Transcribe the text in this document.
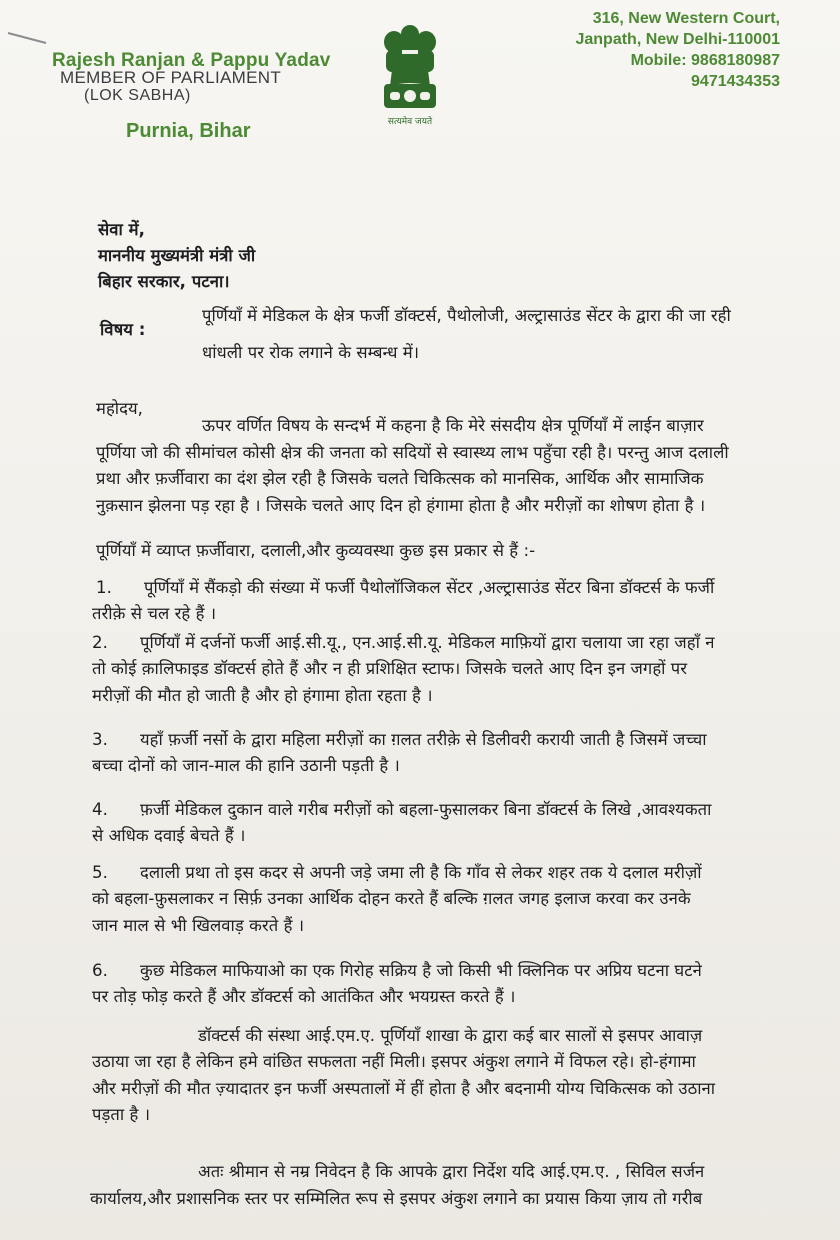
Rajesh Ranjan & Pappu Yadav
MEMBER OF PARLIAMENT
(LOK SABHA)
Purnia, Bihar	सत्यमेव जयते
316, New Western Court,
Janpath, New Delhi-110001
Mobile: 9868180987
9471434353
सेवा में,
माननीय मुख्यमंत्री मंत्री जी
बिहार सरकार, पटना।
विषय :
पूर्णियाँ में मेडिकल के क्षेत्र फर्जी डॉक्टर्स, पैथोलोजी, अल्ट्रासाउंड सेंटर के द्वारा की जा रही
धांधली पर रोक लगाने के सम्बन्ध में।
महोदय,
ऊपर वर्णित विषय के सन्दर्भ में कहना है कि मेरे संसदीय क्षेत्र पूर्णियाँ में लाईन बाज़ार
पूर्णिया जो की सीमांचल कोसी क्षेत्र की जनता को सदियों से स्वास्थ्य लाभ पहुँचा रही है। परन्तु आज दलाली
प्रथा और फ़र्जीवारा का दंश झेल रही है जिसके चलते चिकित्सक को मानसिक, आर्थिक और सामाजिक
नुक़सान झेलना पड़ रहा है । जिसके चलते आए दिन हो हंगामा होता है और मरीज़ों का शोषण होता है ।
पूर्णियाँ में व्याप्त फ़र्जीवारा, दलाली,और कुव्यवस्था कुछ इस प्रकार से हैं :-
1. पूर्णियाँ में सैंकड़ो की संख्या में फर्जी पैथोलॉजिकल सेंटर ,अल्ट्रासाउंड सेंटर बिना डॉक्टर्स के फर्जी
तरीक़े से चल रहे हैं ।
2. पूर्णियाँ में दर्जनों फर्जी आई.सी.यू., एन.आई.सी.यू. मेडिकल माफ़ियों द्वारा चलाया जा रहा जहाँ न
तो कोई क़ालिफाइड डॉक्टर्स होते हैं और न ही प्रशिक्षित स्टाफ। जिसके चलते आए दिन इन जगहों पर
मरीज़ों की मौत हो जाती है और हो हंगामा होता रहता है ।
3. यहाँ फ़र्जी नर्सो के द्वारा महिला मरीज़ों का ग़लत तरीक़े से डिलीवरी करायी जाती है जिसमें जच्चा
बच्चा दोनों को जान-माल की हानि उठानी पड़ती है ।
4. फ़र्जी मेडिकल दुकान वाले गरीब मरीज़ों को बहला-फुसालकर बिना डॉक्टर्स के लिखे ,आवश्यकता
से अधिक दवाई बेचते हैं ।
5. दलाली प्रथा तो इस कदर से अपनी जड़े जमा ली है कि गाँव से लेकर शहर तक ये दलाल मरीज़ों
को बहला-फ़ुसलाकर न सिर्फ़ उनका आर्थिक दोहन करते हैं बल्कि ग़लत जगह इलाज करवा कर उनके
जान माल से भी खिलवाड़ करते हैं ।
6. कुछ मेडिकल माफियाओ का एक गिरोह सक्रिय है जो किसी भी क्लिनिक पर अप्रिय घटना घटने
पर तोड़ फोड़ करते हैं और डॉक्टर्स को आतंकित और भयग्रस्त करते हैं ।
डॉक्टर्स की संस्था आई.एम.ए. पूर्णियाँ शाखा के द्वारा कई बार सालों से इसपर आवाज़
उठाया जा रहा है लेकिन हमे वांछित सफलता नहीं मिली। इसपर अंकुश लगाने में विफल रहे। हो-हंगामा
और मरीज़ों की मौत ज़्यादातर इन फर्जी अस्पतालों में हीं होता है और बदनामी योग्य चिकित्सक को उठाना
पड़ता है ।
अतः श्रीमान से नम्र निवेदन है कि आपके द्वारा निर्देश यदि आई.एम.ए. , सिविल सर्जन
कार्यालय,और प्रशासनिक स्तर पर सम्मिलित रूप से इसपर अंकुश लगाने का प्रयास किया ज़ाय तो गरीब
